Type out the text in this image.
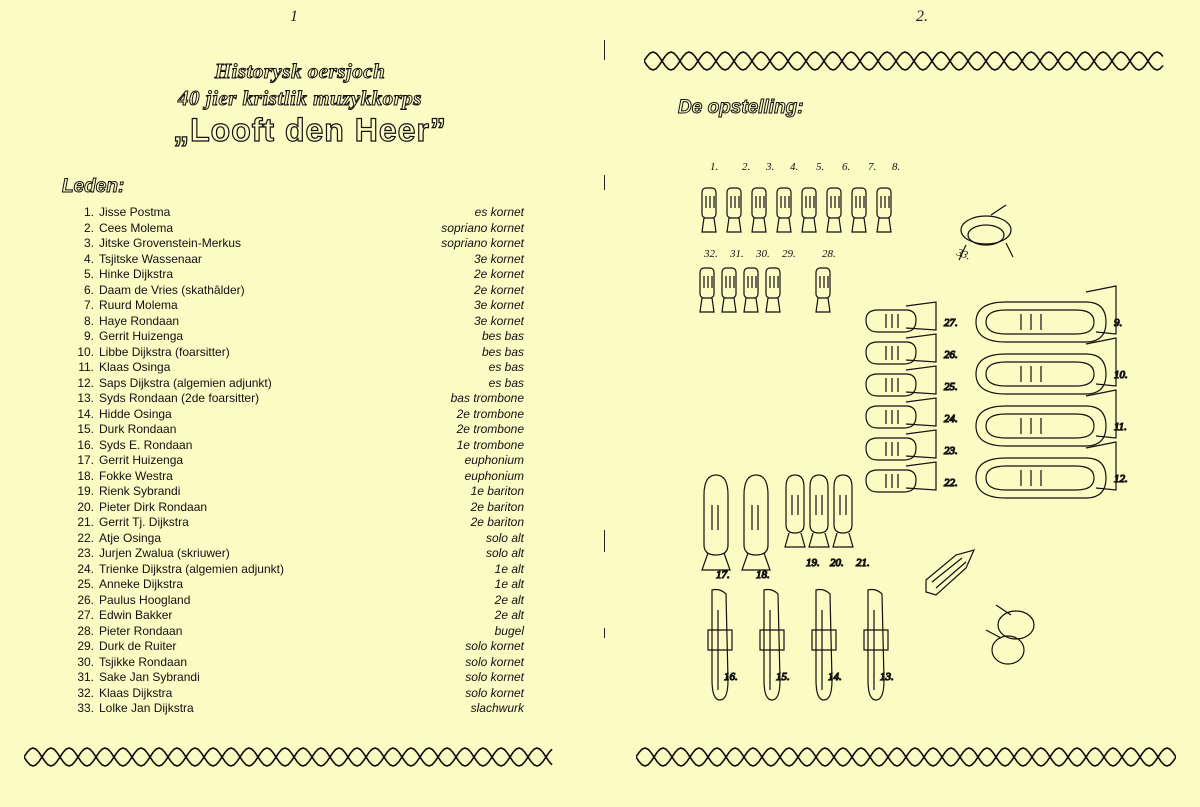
1
Historysk oersjoch
40 jier kristlik muzykkorps
„Looft den Heer”
Leden:
1. Jisse Postma	es kornet
2. Cees Molema	sopriano kornet
3. Jitske Grovenstein-Merkus	sopriano kornet
4. Tsjitske Wassenaar	3e kornet
5. Hinke Dijkstra	2e kornet
6. Daam de Vries (skathâlder)	2e kornet
7. Ruurd Molema	3e kornet
8. Haye Rondaan	3e kornet
9. Gerrit Huizenga	bes bas
10. Libbe Dijkstra (foarsitter)	bes bas
11. Klaas Osinga	es bas
12. Saps Dijkstra (algemien adjunkt)	es bas
13. Syds Rondaan (2de foarsitter)	bas trombone
14. Hidde Osinga	2e trombone
15. Durk Rondaan	2e trombone
16. Syds E. Rondaan	1e trombone
17. Gerrit Huizenga	euphonium
18. Fokke Westra	euphonium
19. Rienk Sybrandi	1e bariton
20. Pieter Dirk Rondaan	2e bariton
21. Gerrit Tj. Dijkstra	2e bariton
22. Atje Osinga	solo alt
23. Jurjen Zwalua (skriuwer)	solo alt
24. Trienke Dijkstra (algemien adjunkt)	1e alt
25. Anneke Dijkstra	1e alt
26. Paulus Hoogland	2e alt
27. Edwin Bakker	2e alt
28. Pieter Rondaan	bugel
29. Durk de Ruiter	solo kornet
30. Tsjikke Rondaan	solo kornet
31. Sake Jan Sybrandi	solo kornet
32. Klaas Dijkstra	solo kornet
33. Lolke Jan Dijkstra	slachwurk
2.
De opstelling:
1. 2. 3. 4. 5. 6. 7. 8.
32. 31. 30. 29. 28.	33.
27.
26.
25.
24.
23.
22.
9.
10.
11.
12.
17. 18.
19. 20. 21.
16.	15.	14.	13.
